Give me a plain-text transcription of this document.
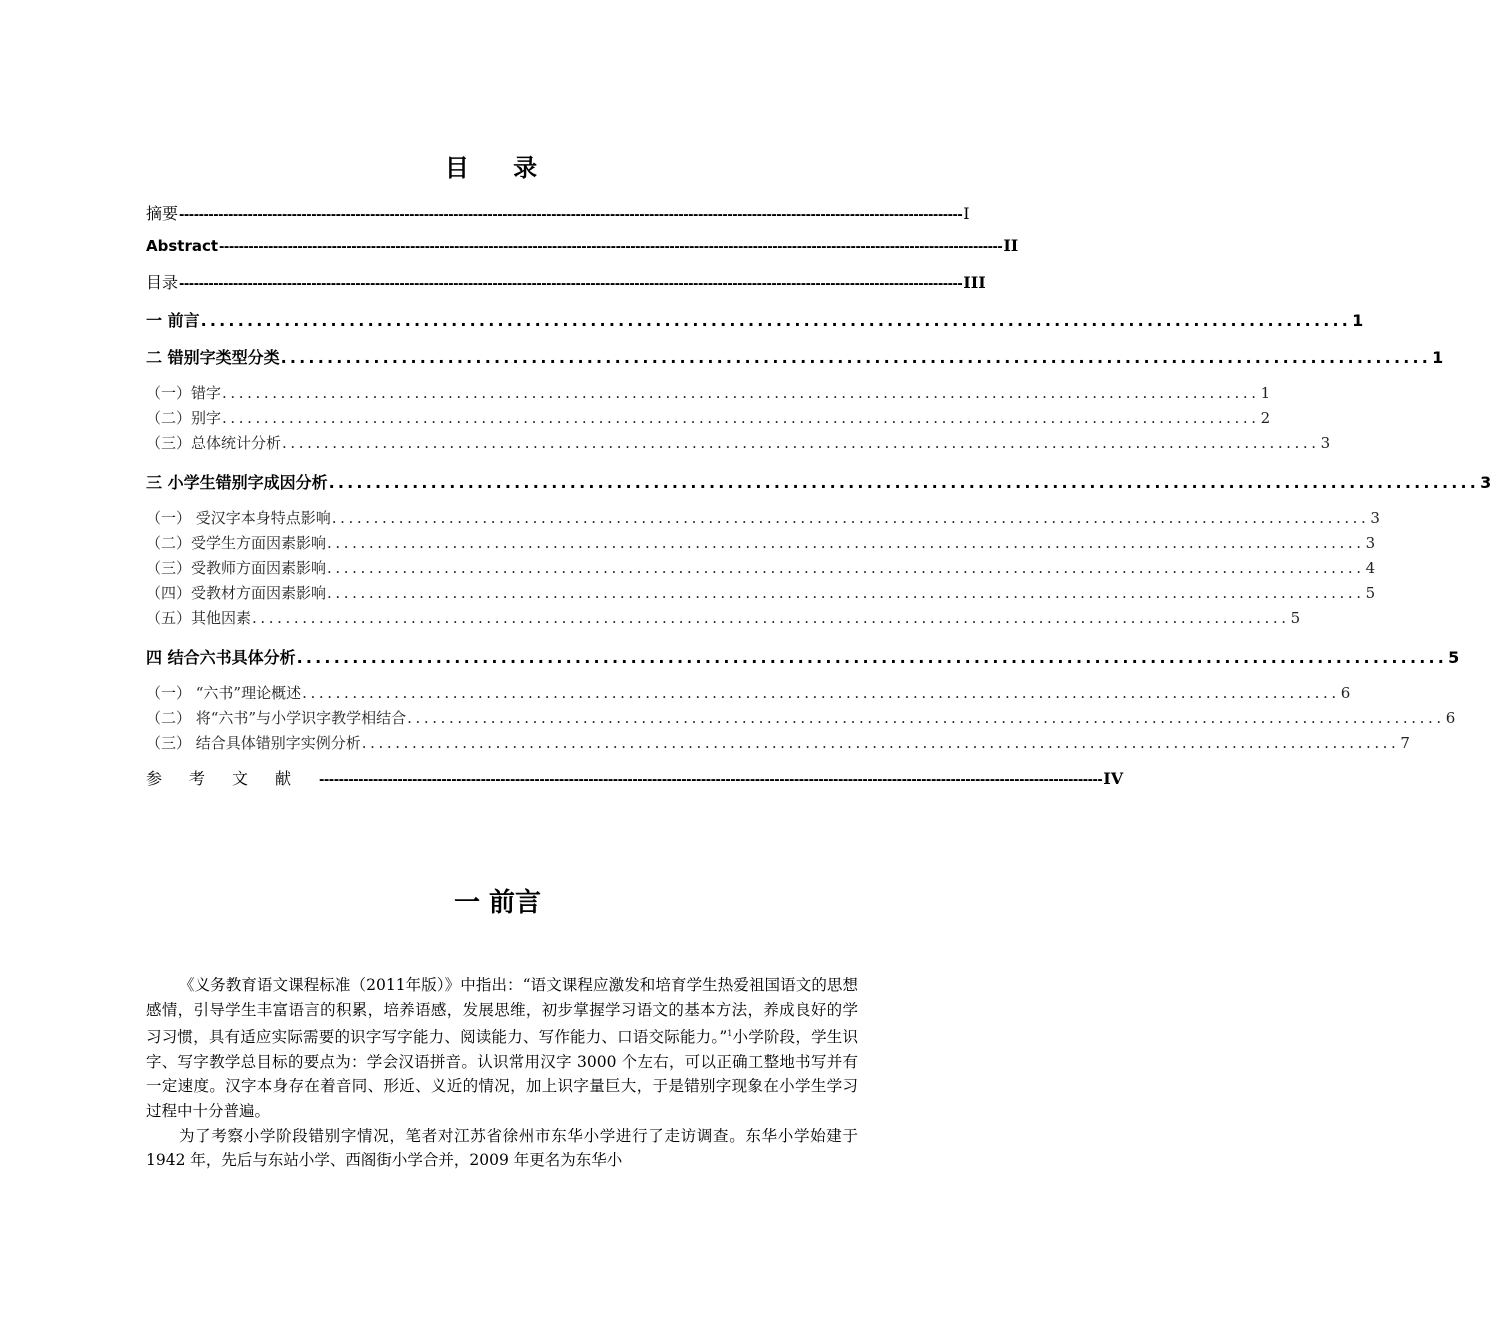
目 录
摘要 ---------------------------------------------------------------------------------------------------------------------------------------------------------------- Ⅰ
Abstract ---------------------------------------------------------------------------------------------------------------------------------------------------------------- II
目录 ---------------------------------------------------------------------------------------------------------------------------------------------------------------- III
一 前言 ............................................................................................................................ 1
二 错别字类型分类 ............................................................................................................................ 1
（一）错字 ............................................................................................................................ 1
（二）别字 ............................................................................................................................ 2
（三）总体统计分析 ............................................................................................................................ 3
三 小学生错别字成因分析 ............................................................................................................................ 3
（一） 受汉字本身特点影响 ............................................................................................................................ 3
（二）受学生方面因素影响 ............................................................................................................................ 3
（三）受教师方面因素影响 ............................................................................................................................ 4
（四）受教材方面因素影响 ............................................................................................................................ 5
（五）其他因素 ............................................................................................................................ 5
四 结合六书具体分析 ............................................................................................................................ 5
（一） “六书”理论概述 ............................................................................................................................ 6
（二） 将“六书”与小学识字教学相结合 ............................................................................................................................ 6
（三） 结合具体错别字实例分析 ............................................................................................................................ 7
参考文献 ---------------------------------------------------------------------------------------------------------------------------------------------------------------- IV
一 前言

《义务教育语文课程标准（2011年版）》中指出：“语文课程应激发和培育学生热爱祖国语文的思想感情，引导学生丰富语言的积累，培养语感，发展思维，初步掌握学习语文的基本方法，养成良好的学习习惯，具有适应实际需要的识字写字能力、阅读能力、写作能力、口语交际能力。”$^1$小学阶段，学生识字、写字教学总目标的要点为：学会汉语拼音。认识常用汉字 3000 个左右，可以正确工整地书写并有一定速度。汉字本身存在着音同、形近、义近的情况，加上识字量巨大，于是错别字现象在小学生学习过程中十分普遍。

为了考察小学阶段错别字情况，笔者对江苏省徐州市东华小学进行了走访调查。东华小学始建于 1942 年，先后与东站小学、西阁街小学合并，2009 年更名为东华小
